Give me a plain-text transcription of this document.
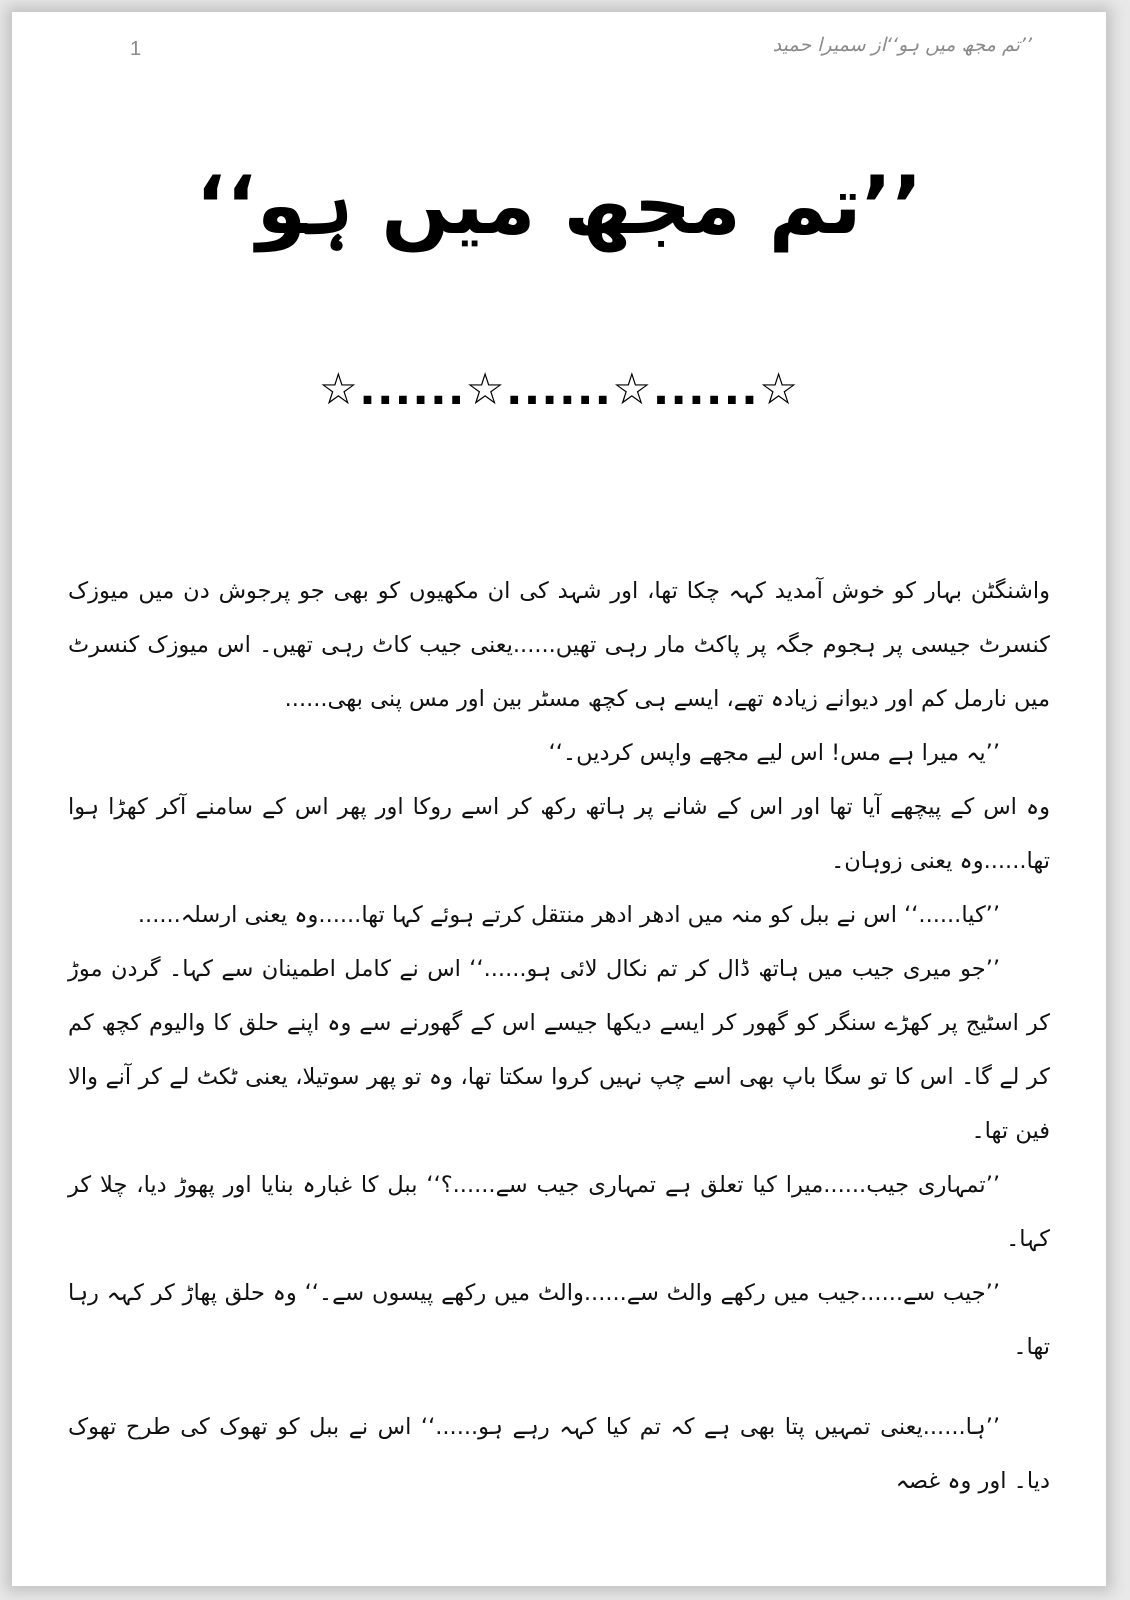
1	’’تم مجھ میں ہو‘‘از سمیرا حمید
’’تم مجھ میں ہو‘‘
☆......☆......☆......☆

واشنگٹن بہار کو خوش آمدید کہہ چکا تھا، اور شہد کی ان مکھیوں کو بھی جو پرجوش دن میں میوزک کنسرٹ جیسی پر ہجوم جگہ پر پاکٹ مار رہی تھیں......یعنی جیب کاٹ رہی تھیں۔ اس میوزک کنسرٹ میں نارمل کم اور دیوانے زیادہ تھے، ایسے ہی کچھ مسٹر بین اور مس پنی بھی......

’’یہ میرا ہے مس! اس لیے مجھے واپس کردیں۔‘‘

وہ اس کے پیچھے آیا تھا اور اس کے شانے پر ہاتھ رکھ کر اسے روکا اور پھر اس کے سامنے آکر کھڑا ہوا تھا......وہ یعنی زوہان۔

’’کیا......‘‘ اس نے ببل کو منہ میں ادھر ادھر منتقل کرتے ہوئے کہا تھا......وہ یعنی ارسلہ......

’’جو میری جیب میں ہاتھ ڈال کر تم نکال لائی ہو......‘‘ اس نے کامل اطمینان سے کہا۔ گردن موڑ کر اسٹیج پر کھڑے سنگر کو گھور کر ایسے دیکھا جیسے اس کے گھورنے سے وہ اپنے حلق کا والیوم کچھ کم کر لے گا۔ اس کا تو سگا باپ بھی اسے چپ نہیں کروا سکتا تھا، وہ تو پھر سوتیلا، یعنی ٹکٹ لے کر آنے والا فین تھا۔

’’تمہاری جیب......میرا کیا تعلق ہے تمہاری جیب سے......؟‘‘ ببل کا غبارہ بنایا اور پھوڑ دیا، چلا کر کہا۔

’’جیب سے......جیب میں رکھے والٹ سے......والٹ میں رکھے پیسوں سے۔‘‘ وہ حلق پھاڑ کر کہہ رہا تھا۔

’’ہا......یعنی تمہیں پتا بھی ہے کہ تم کیا کہہ رہے ہو......‘‘ اس نے ببل کو تھوک کی طرح تھوک دیا۔ اور وہ غصہ
